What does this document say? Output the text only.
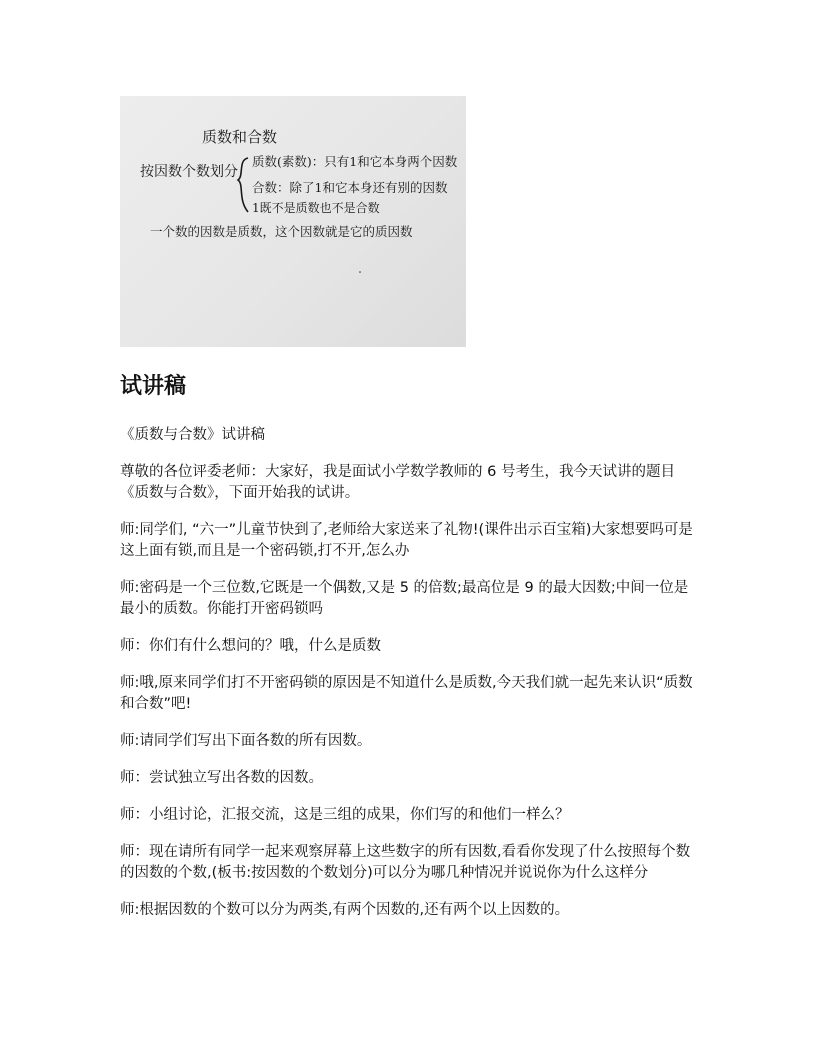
质数和合数
按因数个数划分
质数(素数)：只有1和它本身两个因数
合数：除了1和它本身还有别的因数
1既不是质数也不是合数
一个数的因数是质数，这个因数就是它的质因数
试讲稿

《质数与合数》试讲稿

尊敬的各位评委老师：大家好，我是面试小学数学教师的 6 号考生，我今天试讲的题目《质数与合数》，下面开始我的试讲。

师:同学们, “六一”儿童节快到了,老师给大家送来了礼物!(课件出示百宝箱)大家想要吗可是这上面有锁,而且是一个密码锁,打不开,怎么办

师:密码是一个三位数,它既是一个偶数,又是 5 的倍数;最高位是 9 的最大因数;中间一位是最小的质数。你能打开密码锁吗

师：你们有什么想问的？哦，什么是质数

师:哦,原来同学们打不开密码锁的原因是不知道什么是质数,今天我们就一起先来认识“质数和合数”吧!

师:请同学们写出下面各数的所有因数。

师：尝试独立写出各数的因数。

师：小组讨论，汇报交流，这是三组的成果，你们写的和他们一样么？

师：现在请所有同学一起来观察屏幕上这些数字的所有因数,看看你发现了什么按照每个数的因数的个数,(板书:按因数的个数划分)可以分为哪几种情况并说说你为什么这样分

师:根据因数的个数可以分为两类,有两个因数的,还有两个以上因数的。
